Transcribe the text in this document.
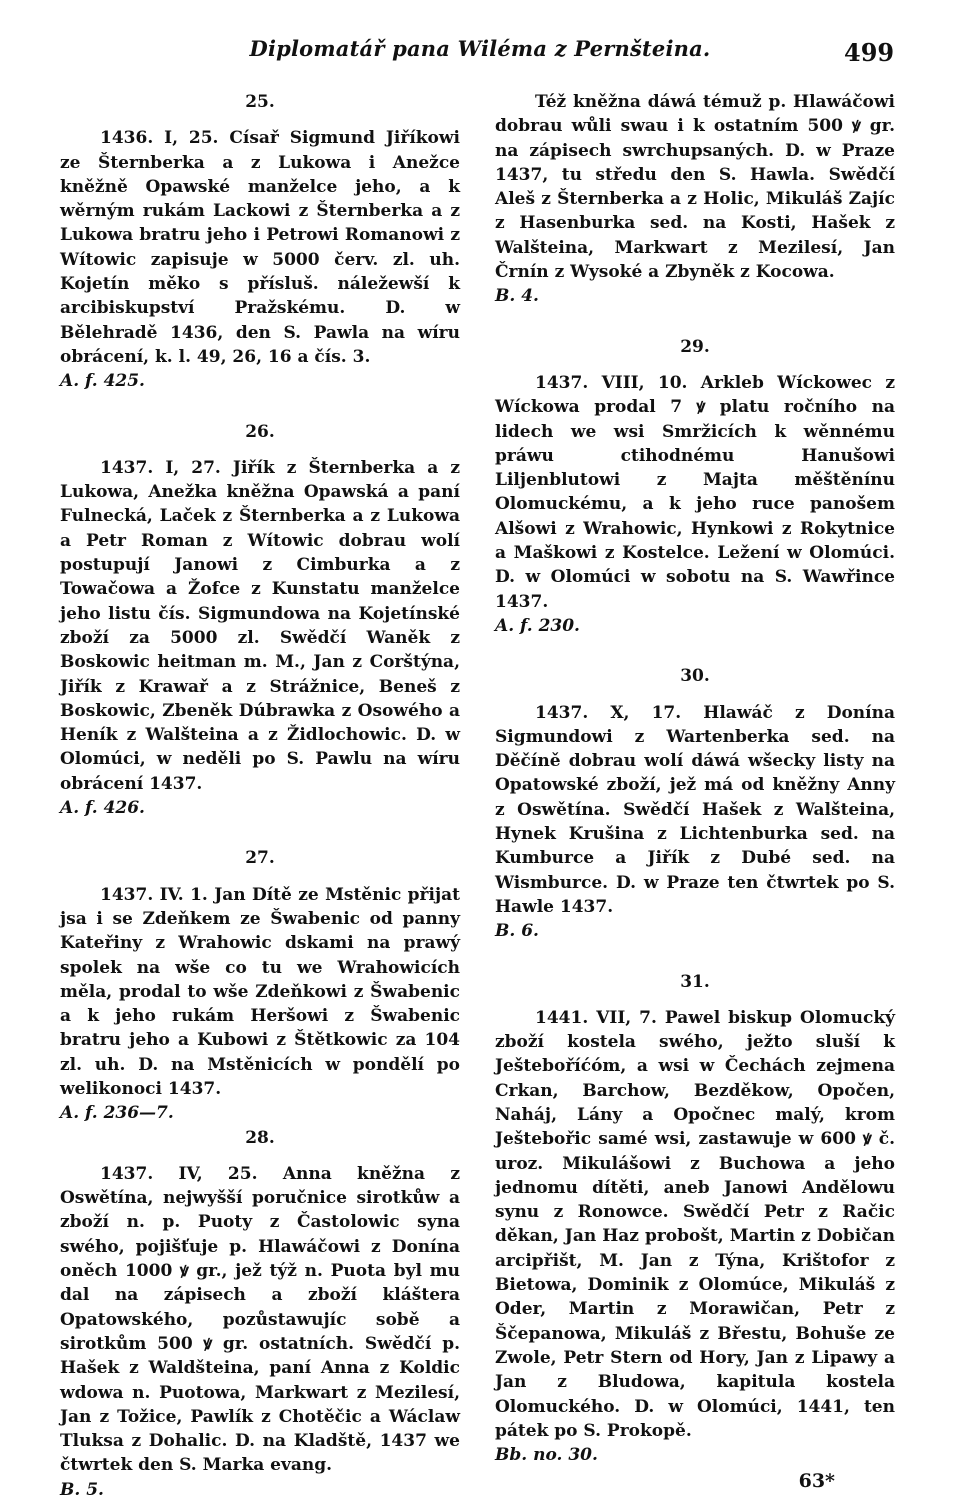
Diplomatář pana Wiléma z Pernšteina.	499
25.

1436. I, 25. Císař Sigmund Jiříkowi ze Šternberka a z Lukowa i Anežce kněžně Opawské manželce jeho, a k wěrným rukám Lackowi z Šternberka a z Lukowa bratru jeho i Petrowi Romanowi z Wítowic zapisuje w 5000 červ. zl. uh. Kojetín měko s přísluš. náležewší k arcibiskupství Pražskému. D. w Bělehradě 1436, den S. Pawla na wíru obrácení, k. l. 49, 26, 16 a čís. 3.

A. f. 425.

26.

1437. I, 27. Jiřík z Šternberka a z Lukowa, Anežka kněžna Opawská a paní Fulnecká, Laček z Šternberka a z Lukowa a Petr Roman z Wítowic dobrau wolí postupují Janowi z Cimburka a z Towačowa a Žofce z Kunstatu manželce jeho listu čís. Sigmundowa na Kojetínské zboží za 5000 zl. Swědčí Waněk z Boskowic heitman m. M., Jan z Corštýna, Jiřík z Krawař a z Strážnice, Beneš z Boskowic, Zbeněk Dúbrawka z Osowého a Heník z Walšteina a z Židlochowic. D. w Olomúci, w neděli po S. Pawlu na wíru obrácení 1437.

A. f. 426.

27.

1437. IV. 1. Jan Dítě ze Mstěnic přijat jsa i se Zdeňkem ze Šwabenic od panny Kateřiny z Wrahowic dskami na prawý spolek na wše co tu we Wrahowicích měla, prodal to wše Zdeňkowi z Šwabenic a k jeho rukám Heršowi z Šwabenic bratru jeho a Kubowi z Štětkowic za 104 zl. uh. D. na Mstěnicích w pondělí po welikonoci 1437.

A. f. 236—7.

28.

1437. IV, 25. Anna kněžna z Oswětína, nejwyšší poručnice sirotkůw a zboží n. p. Puoty z Častolowic syna swého, pojišťuje p. Hlawáčowi z Donína oněch 1000 ꝟ gr., jež týž n. Puota byl mu dal na zápisech a zboží kláštera Opatowského, pozůstawujíc sobě a sirotkům 500 ꝟ gr. ostatních. Swědčí p. Hašek z Waldšteina, paní Anna z Koldic wdowa n. Puotowa, Markwart z Mezilesí, Jan z Tožice, Pawlík z Chotěčic a Wáclaw Tluksa z Dohalic. D. na Kladště, 1437 we čtwrtek den S. Marka evang.

B. 5.

Též kněžna dáwá témuž p. Hlawáčowi dobrau wůli swau i k ostatním 500 ꝟ gr. na zápisech swrchupsaných. D. w Praze 1437, tu středu den S. Hawla. Swědčí Aleš z Šternberka a z Holic, Mikuláš Zajíc z Hasenburka sed. na Kosti, Hašek z Walšteina, Markwart z Mezilesí, Jan Črnín z Wysoké a Zbyněk z Kocowa.

B. 4.

29.

1437. VIII, 10. Arkleb Wíckowec z Wíckowa prodal 7 ꝟ platu ročního na lidech we wsi Smržicích k wěnnému práwu ctihodnému Hanušowi Liljenblutowi z Majta měštěnínu Olomuckému, a k jeho ruce panošem Alšowi z Wrahowic, Hynkowi z Rokytnice a Maškowi z Kostelce. Ležení w Olomúci. D. w Olomúci w sobotu na S. Wawřince 1437.

A. f. 230.

30.

1437. X, 17. Hlawáč z Donína Sigmundowi z Wartenberka sed. na Děčíně dobrau wolí dáwá wšecky listy na Opatowské zboží, jež má od kněžny Anny z Oswětína. Swědčí Hašek z Walšteina, Hynek Krušina z Lichtenburka sed. na Kumburce a Jiřík z Dubé sed. na Wismburce. D. w Praze ten čtwrtek po S. Hawle 1437.

B. 6.

31.

1441. VII, 7. Pawel biskup Olomucký zboží kostela swého, ježto sluší k Ješteboříćóm, a wsi w Čechách zejmena Crkan, Barchow, Bezděkow, Opočen, Naháj, Lány a Opočnec malý, krom Ještebořic samé wsi, zastawuje w 600 ꝟ č. uroz. Mikulášowi z Buchowa a jeho jednomu dítěti, aneb Janowi Andělowu synu z Ronowce. Swědčí Petr z Račic děkan, Jan Haz probošt, Martin z Dobičan arcipřišt, M. Jan z Týna, Krištofor z Bietowa, Dominik z Olomúce, Mikuláš z Oder, Martin z Morawičan, Petr z Ščepanowa, Mikuláš z Břestu, Bohuše ze Zwole, Petr Stern od Hory, Jan z Lipawy a Jan z Bludowa, kapitula kostela Olomuckého. D. w Olomúci, 1441, ten pátek po S. Prokopě.

Bb. no. 30.

63*
